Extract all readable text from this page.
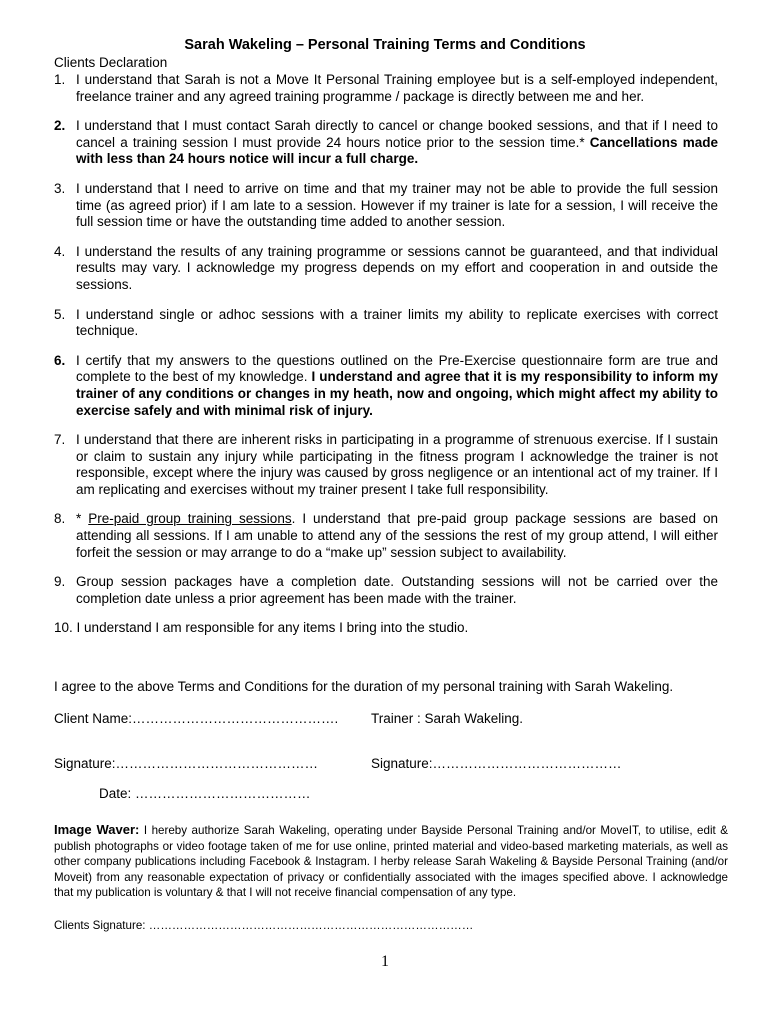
Sarah Wakeling – Personal Training Terms and Conditions
Clients Declaration

1. I understand that Sarah is not a Move It Personal Training employee but is a self-employed independent, freelance trainer and any agreed training programme / package is directly between me and her.

2. I understand that I must contact Sarah directly to cancel or change booked sessions, and that if I need to cancel a training session I must provide 24 hours notice prior to the session time.* Cancellations made with less than 24 hours notice will incur a full charge.

3. I understand that I need to arrive on time and that my trainer may not be able to provide the full session time (as agreed prior) if I am late to a session. However if my trainer is late for a session, I will receive the full session time or have the outstanding time added to another session.

4. I understand the results of any training programme or sessions cannot be guaranteed, and that individual results may vary. I acknowledge my progress depends on my effort and cooperation in and outside the sessions.

5. I understand single or adhoc sessions with a trainer limits my ability to replicate exercises with correct technique.

6. I certify that my answers to the questions outlined on the Pre-Exercise questionnaire form are true and complete to the best of my knowledge. I understand and agree that it is my responsibility to inform my trainer of any conditions or changes in my heath, now and ongoing, which might affect my ability to exercise safely and with minimal risk of injury.

7. I understand that there are inherent risks in participating in a programme of strenuous exercise. If I sustain or claim to sustain any injury while participating in the fitness program I acknowledge the trainer is not responsible, except where the injury was caused by gross negligence or an intentional act of my trainer. If I am replicating and exercises without my trainer present I take full responsibility.

8. * Pre-paid group training sessions. I understand that pre-paid group package sessions are based on attending all sessions. If I am unable to attend any of the sessions the rest of my group attend, I will either forfeit the session or may arrange to do a “make up” session subject to availability.

9. Group session packages have a completion date. Outstanding sessions will not be carried over the completion date unless a prior agreement has been made with the trainer.

10. I understand I am responsible for any items I bring into the studio.

I agree to the above Terms and Conditions for the duration of my personal training with Sarah Wakeling.
Client Name:………………………………………. Trainer : Sarah Wakeling.
Signature:………………………………………	Signature:……………………………………
Date: …………………………………
Image Waver: I hereby authorize Sarah Wakeling, operating under Bayside Personal Training and/or MoveIT, to utilise, edit & publish photographs or video footage taken of me for use online, printed material and video-based marketing materials, as well as other company publications including Facebook & Instagram. I herby release Sarah Wakeling & Bayside Personal Training (and/or Moveit) from any reasonable expectation of privacy or confidentially associated with the images specified above. I acknowledge that my publication is voluntary & that I will not receive financial compensation of any type.
Clients Signature: …………………………………………………………………………
1
